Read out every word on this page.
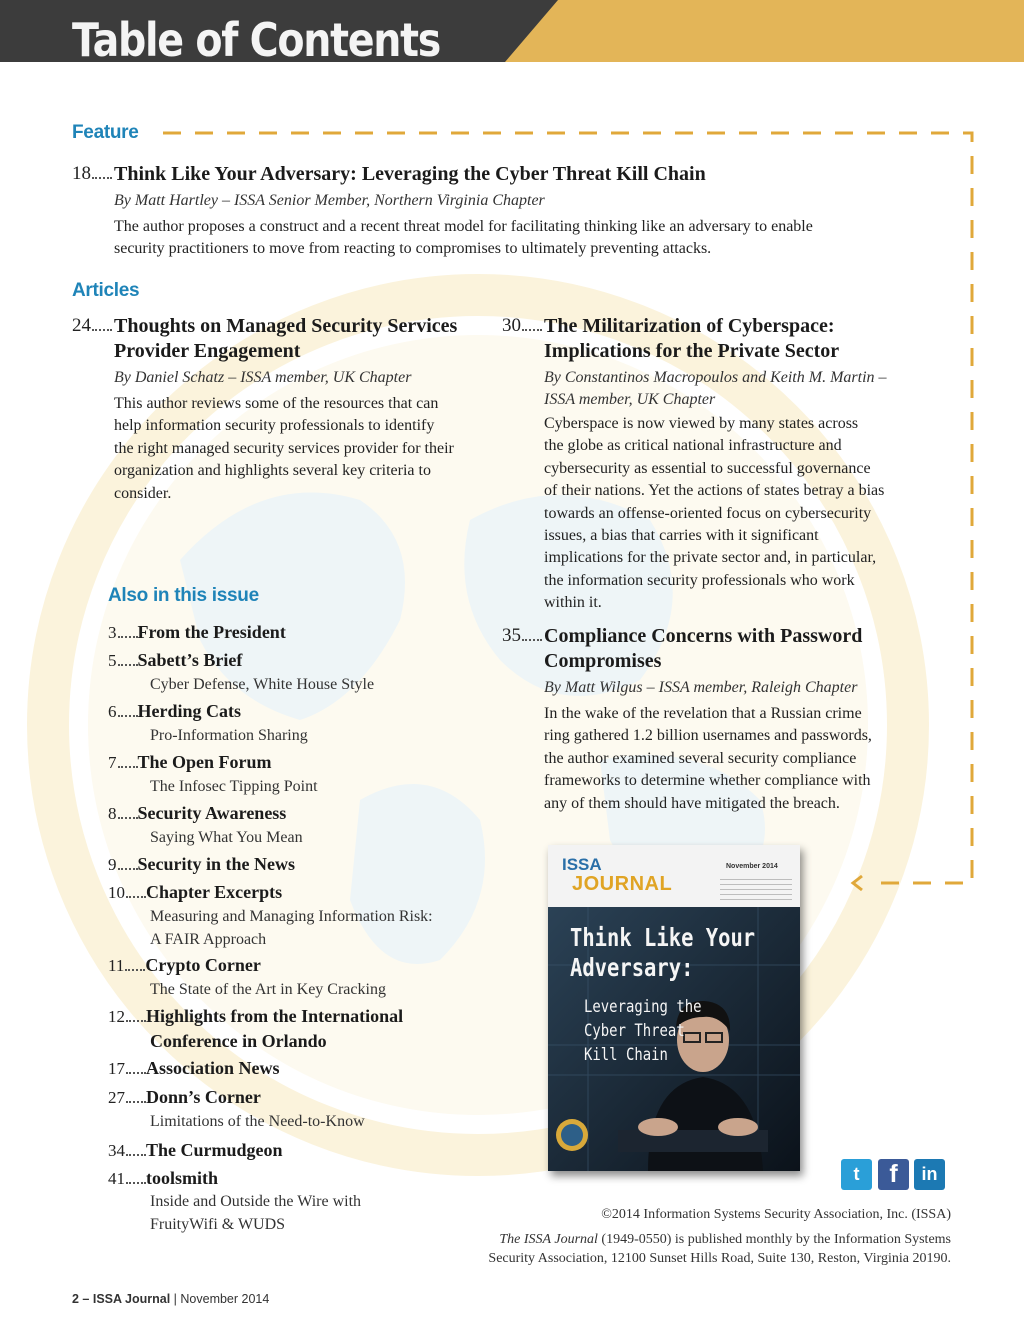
Table of Contents
Feature
Articles
Also in this issue
18	Think Like Your Adversary: Leveraging the Cyber Threat Kill Chain
By Matt Hartley – ISSA Senior Member, Northern Virginia Chapter
The author proposes a construct and a recent threat model for facilitating thinking like an adversary to enable
security practitioners to move from reacting to compromises to ultimately preventing attacks.
24	Thoughts on Managed Security Services
Provider Engagement
By Daniel Schatz – ISSA member, UK Chapter
This author reviews some of the resources that can
help information security professionals to identify
the right managed security services provider for their
organization and highlights several key criteria to
consider.
30	The Militarization of Cyberspace:
Implications for the Private Sector
By Constantinos Macropoulos and Keith M. Martin –
ISSA member, UK Chapter
Cyberspace is now viewed by many states across
the globe as critical national infrastructure and
cybersecurity as essential to successful governance
of their nations. Yet the actions of states betray a bias
towards an offense-oriented focus on cybersecurity
issues, a bias that carries with it significant
implications for the private sector and, in particular,
the information security professionals who work
within it.
35	Compliance Concerns with Password
Compromises
By Matt Wilgus – ISSA member, Raleigh Chapter
In the wake of the revelation that a Russian crime
ring gathered 1.2 billion usernames and passwords,
the author examined several security compliance
frameworks to determine whether compliance with
any of them should have mitigated the breach.
3 From the President
5 Sabett’s Brief
Cyber Defense, White House Style
6 Herding Cats
Pro-Information Sharing
7 The Open Forum
The Infosec Tipping Point
8 Security Awareness
Saying What You Mean
9 Security in the News
10 Chapter Excerpts
Measuring and Managing Information Risk:
A FAIR Approach
11 Crypto Corner
The State of the Art in Key Cracking
12 Highlights from the International
Conference in Orlando
17 Association News
27 Donn’s Corner
Limitations of the Need-to-Know
34 The Curmudgeon
41 toolsmith
Inside and Outside the Wire with
FruityWifi & WUDS
ISSA
JOURNAL
November 2014
Think Like Your
Adversary:
Leveraging the
Cyber Threat
Kill Chain
t	f	in
©2014 Information Systems Security Association, Inc. (ISSA)
The ISSA Journal (1949-0550) is published monthly by the Information Systems
Security Association, 12100 Sunset Hills Road, Suite 130, Reston, Virginia 20190.
2 – ISSA Journal | November 2014
